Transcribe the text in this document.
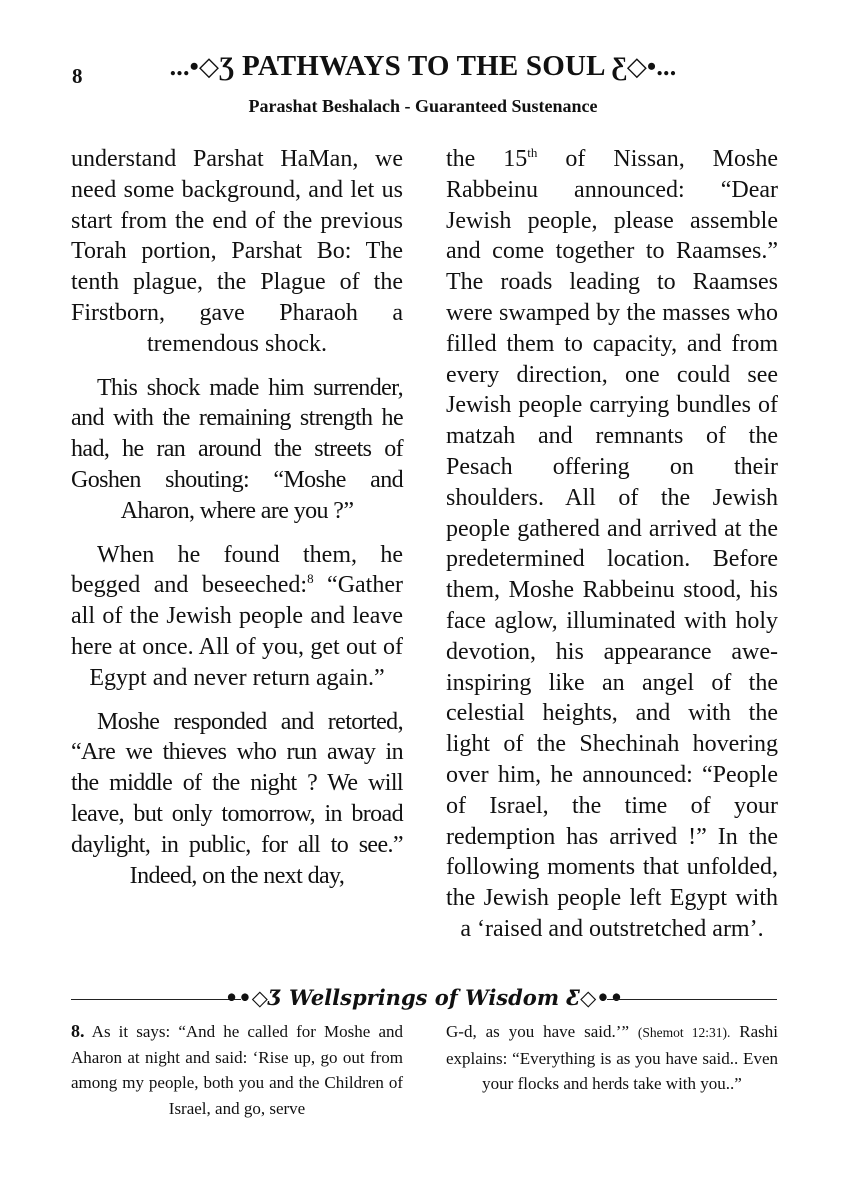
8	...•◇Ʒ PATHWAYS TO THE SOUL Ƹ◇•...
Parashat Beshalach - Guaranteed Sustenance

understand Parshat HaMan, we need some background, and let us start from the end of the previous Torah portion, Parshat Bo: The tenth plague, the Plague of the Firstborn, gave Pharaoh a tremendous shock.

This shock made him surrender, and with the remaining strength he had, he ran around the streets of Goshen shouting: “Moshe and Aharon, where are you ?”

When he found them, he begged and beseeched:$^8$ “Gather all of the Jewish people and leave here at once. All of you, get out of Egypt and never return again.”

Moshe responded and retorted, “Are we thieves who run away in the middle of the night ? We will leave, but only tomorrow, in broad daylight, in public, for all to see.” Indeed, on the next day,

the 15th of Nissan, Moshe Rabbeinu announced: “Dear Jewish people, please assemble and come together to Raamses.” The roads leading to Raamses were swamped by the masses who filled them to capacity, and from every direction, one could see Jewish people carrying bundles of matzah and remnants of the Pesach offering on their shoulders. All of the Jewish people gathered and arrived at the predetermined location. Before them, Moshe Rabbeinu stood, his face aglow, illuminated with holy devotion, his appearance awe-inspiring like an angel of the celestial heights, and with the light of the Shechinah hovering over him, he announced: “People of Israel, the time of your redemption has arrived !” In the following moments that unfolded, the Jewish people left Egypt with a ‘raised and outstretched arm’.

••◇Ʒ Wellsprings of Wisdom Ƹ◇••

8. As it says: “And he called for Moshe and Aharon at night and said: ‘Rise up, go out from among my people, both you and the Children of Israel, and go, serve

G-d, as you have said.’” (Shemot 12:31). Rashi explains: “Everything is as you have said.. Even your flocks and herds take with you..”
